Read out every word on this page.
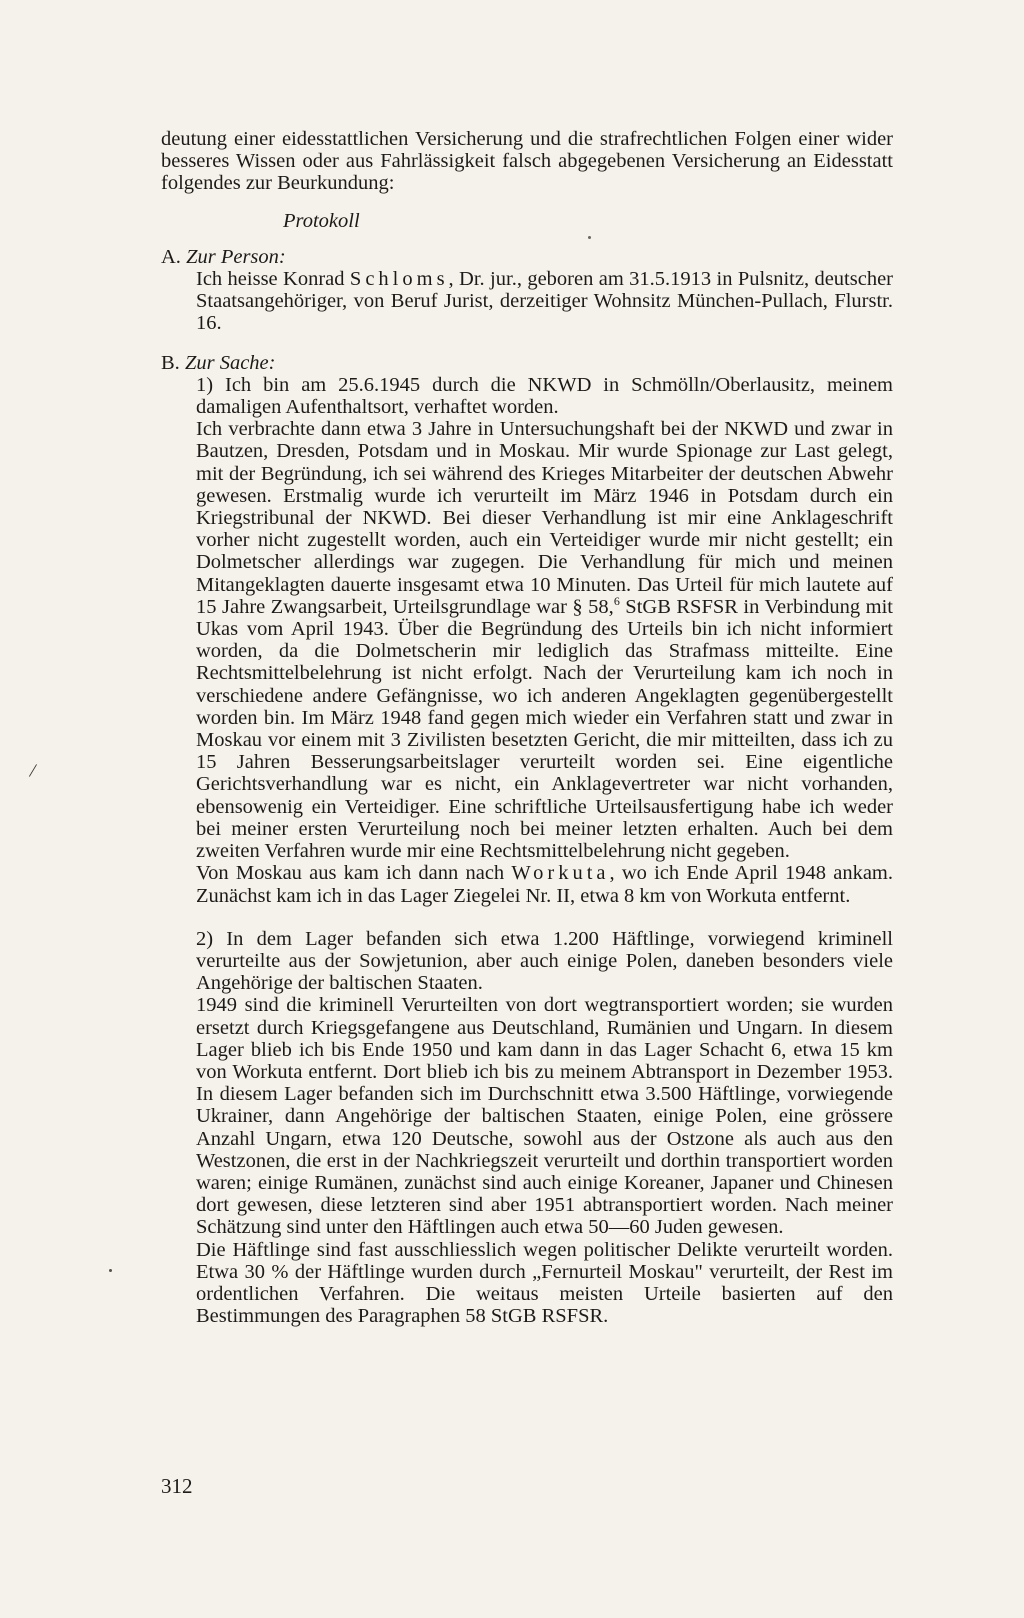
deutung einer eidesstattlichen Versicherung und die strafrechtlichen Folgen einer wider besseres Wissen oder aus Fahrlässigkeit falsch abgegebenen Versicherung an Eidesstatt folgendes zur Beurkundung:

Protokoll

A. Zur Person:

Ich heisse Konrad Schloms, Dr. jur., geboren am 31.5.1913 in Pulsnitz, deutscher Staatsangehöriger, von Beruf Jurist, derzeitiger Wohnsitz München-Pullach, Flurstr. 16.

B. Zur Sache:

1) Ich bin am 25.6.1945 durch die NKWD in Schmölln/Oberlausitz, meinem damaligen Aufenthaltsort, verhaftet worden.

Ich verbrachte dann etwa 3 Jahre in Untersuchungshaft bei der NKWD und zwar in Bautzen, Dresden, Potsdam und in Moskau. Mir wurde Spionage zur Last gelegt, mit der Begründung, ich sei während des Krieges Mitarbeiter der deutschen Abwehr gewesen. Erstmalig wurde ich verurteilt im März 1946 in Potsdam durch ein Kriegstribunal der NKWD. Bei dieser Verhandlung ist mir eine Anklageschrift vorher nicht zugestellt worden, auch ein Verteidiger wurde mir nicht gestellt; ein Dolmetscher allerdings war zugegen. Die Verhandlung für mich und meinen Mitangeklagten dauerte insgesamt etwa 10 Minuten. Das Urteil für mich lautete auf 15 Jahre Zwangsarbeit, Urteilsgrundlage war § 58,$^6$ StGB RSFSR in Verbindung mit Ukas vom April 1943. Über die Begründung des Urteils bin ich nicht informiert worden, da die Dolmetscherin mir lediglich das Strafmass mitteilte. Eine Rechtsmittelbelehrung ist nicht erfolgt. Nach der Verurteilung kam ich noch in verschiedene andere Gefängnisse, wo ich anderen Angeklagten gegenübergestellt worden bin. Im März 1948 fand gegen mich wieder ein Verfahren statt und zwar in Moskau vor einem mit 3 Zivilisten besetzten Gericht, die mir mitteilten, dass ich zu 15 Jahren Besserungsarbeitslager verurteilt worden sei. Eine eigentliche Gerichtsverhandlung war es nicht, ein Anklagevertreter war nicht vorhanden, ebensowenig ein Verteidiger. Eine schriftliche Urteilsausfertigung habe ich weder bei meiner ersten Verurteilung noch bei meiner letzten erhalten. Auch bei dem zweiten Verfahren wurde mir eine Rechtsmittelbelehrung nicht gegeben.

Von Moskau aus kam ich dann nach Workuta, wo ich Ende April 1948 ankam. Zunächst kam ich in das Lager Ziegelei Nr. II, etwa 8 km von Workuta entfernt.

2) In dem Lager befanden sich etwa 1.200 Häftlinge, vorwiegend kriminell verurteilte aus der Sowjetunion, aber auch einige Polen, daneben besonders viele Angehörige der baltischen Staaten.

1949 sind die kriminell Verurteilten von dort wegtransportiert worden; sie wurden ersetzt durch Kriegsgefangene aus Deutschland, Rumänien und Ungarn. In diesem Lager blieb ich bis Ende 1950 und kam dann in das Lager Schacht 6, etwa 15 km von Workuta entfernt. Dort blieb ich bis zu meinem Abtransport in Dezember 1953. In diesem Lager befanden sich im Durchschnitt etwa 3.500 Häftlinge, vorwiegende Ukrainer, dann Angehörige der baltischen Staaten, einige Polen, eine grössere Anzahl Ungarn, etwa 120 Deutsche, sowohl aus der Ostzone als auch aus den Westzonen, die erst in der Nachkriegszeit verurteilt und dorthin transportiert worden waren; einige Rumänen, zunächst sind auch einige Koreaner, Japaner und Chinesen dort gewesen, diese letzteren sind aber 1951 abtransportiert worden. Nach meiner Schätzung sind unter den Häftlingen auch etwa 50—60 Juden gewesen.

Die Häftlinge sind fast ausschliesslich wegen politischer Delikte verurteilt worden. Etwa 30 % der Häftlinge wurden durch „Fernurteil Moskau" verurteilt, der Rest im ordentlichen Verfahren. Die weitaus meisten Urteile basierten auf den Bestimmungen des Paragraphen 58 StGB RSFSR.

312
/
